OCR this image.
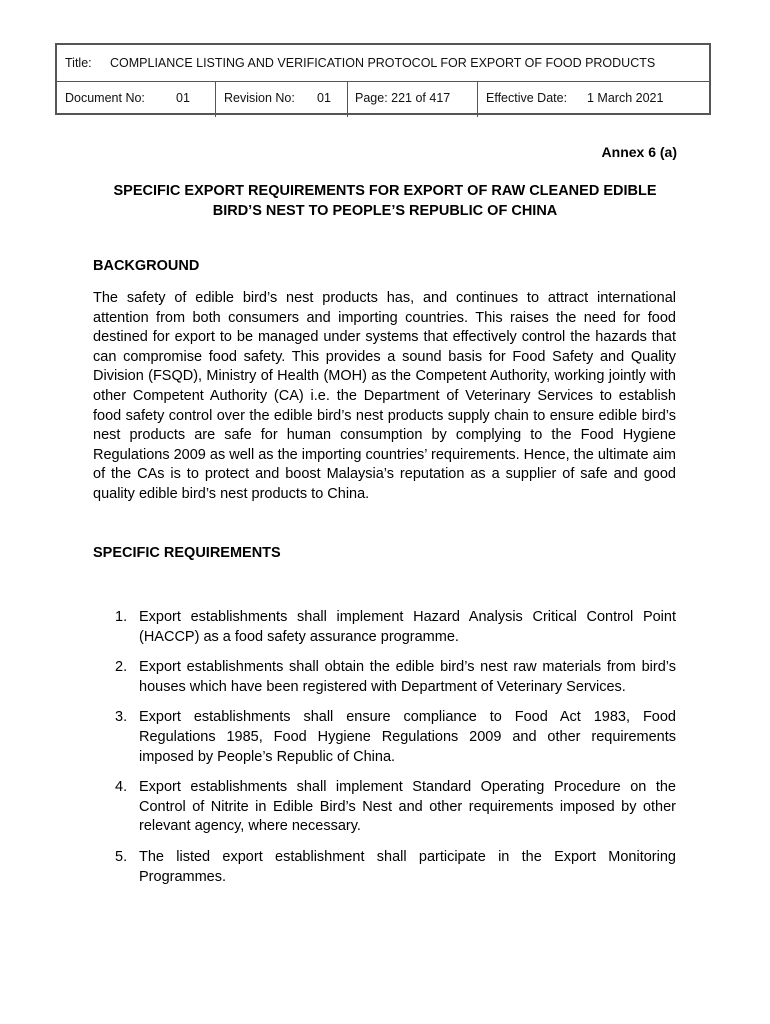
Title: COMPLIANCE LISTING AND VERIFICATION PROTOCOL FOR EXPORT OF FOOD PRODUCTS
Document No: 01	Revision No: 01 Page: 221 of 417	Effective Date: 1 March 2021
Annex 6 (a)
SPECIFIC EXPORT REQUIREMENTS FOR EXPORT OF RAW CLEANED EDIBLE
BIRD’S NEST TO PEOPLE’S REPUBLIC OF CHINA
BACKGROUND
The safety of edible bird’s nest products has, and continues to attract international attention from both consumers and importing countries. This raises the need for food destined for export to be managed under systems that effectively control the hazards that can compromise food safety. This provides a sound basis for Food Safety and Quality Division (FSQD), Ministry of Health (MOH) as the Competent Authority, working jointly with other Competent Authority (CA) i.e. the Department of Veterinary Services to establish food safety control over the edible bird’s nest products supply chain to ensure edible bird’s nest products are safe for human consumption by complying to the Food Hygiene Regulations 2009 as well as the importing countries’ requirements. Hence, the ultimate aim of the CAs is to protect and boost Malaysia’s reputation as a supplier of safe and good quality edible bird’s nest products to China.
SPECIFIC REQUIREMENTS
1. Export establishments shall implement Hazard Analysis Critical Control Point (HACCP) as a food safety assurance programme.
2. Export establishments shall obtain the edible bird’s nest raw materials from bird’s houses which have been registered with Department of Veterinary Services.
3. Export establishments shall ensure compliance to Food Act 1983, Food Regulations 1985, Food Hygiene Regulations 2009 and other requirements imposed by People’s Republic of China.
4. Export establishments shall implement Standard Operating Procedure on the Control of Nitrite in Edible Bird’s Nest and other requirements imposed by other relevant agency, where necessary.
5. The listed export establishment shall participate in the Export Monitoring Programmes.
